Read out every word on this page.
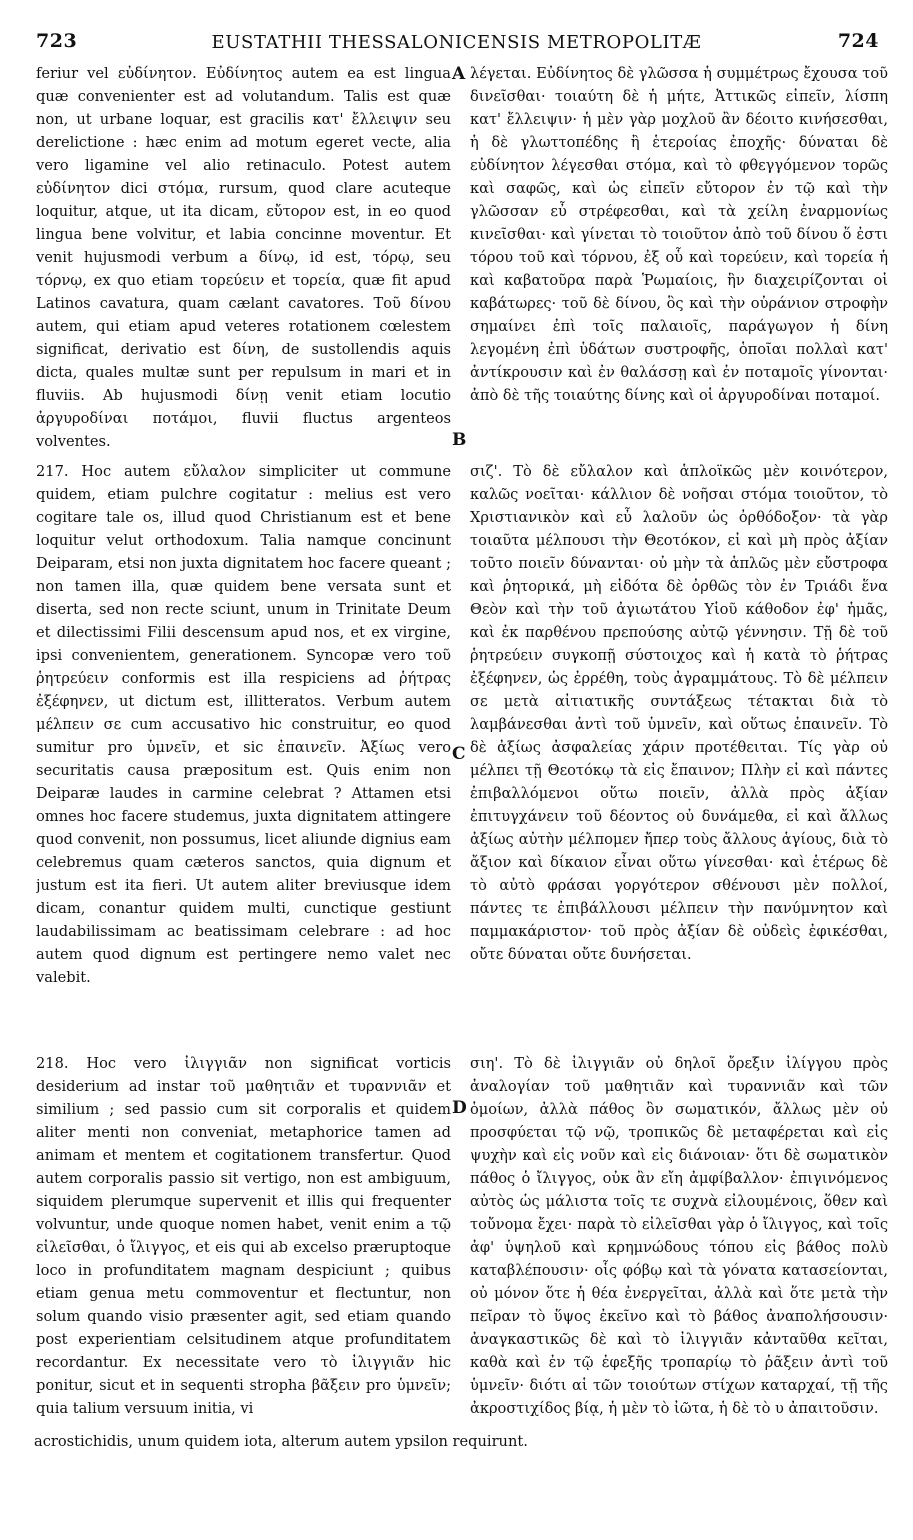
723	EUSTATHII THESSALONICENSIS METROPOLITÆ	724

feriur vel εὐδίνητον. Εὐδίνητος autem ea est lingua quæ convenienter est ad volutandum. Talis est quæ non, ut urbane loquar, est gracilis κατ' ἔλλειψιν seu derelictione : hæc enim ad motum egeret vecte, alia vero ligamine vel alio retinaculo. Potest autem εὐδίνητον dici στόμα, rursum, quod clare acuteque loquitur, atque, ut ita dicam, εὔτορον est, in eo quod lingua bene volvitur, et labia concinne moventur. Et venit hujusmodi verbum a δίνῳ, id est, τόρῳ, seu τόρνῳ, ex quo etiam τορεύειν et τορεία, quæ fit apud Latinos cavatura, quam cælant cavatores. Τοῦ δίνου autem, qui etiam apud veteres rotationem cœlestem significat, derivatio est δίνη, de sustollendis aquis dicta, quales multæ sunt per repulsum in mari et in fluviis. Ab hujusmodi δίνῃ venit etiam locutio ἀργυροδίναι ποτάμοι, fluvii fluctus argenteos volventes.

217. Hoc autem εὔλαλον simpliciter ut commune quidem, etiam pulchre cogitatur : melius est vero cogitare tale os, illud quod Christianum est et bene loquitur velut orthodoxum. Talia namque concinunt Deiparam, etsi non juxta dignitatem hoc facere queant ; non tamen illa, quæ quidem bene versata sunt et diserta, sed non recte sciunt, unum in Trinitate Deum et dilectissimi Filii descensum apud nos, et ex virgine, ipsi convenientem, generationem. Syncopæ vero τοῦ ῥητρεύειν conformis est illa respiciens ad ῥήτρας ἐξέφηνεν, ut dictum est, illitteratos. Verbum autem μέλπειν σε cum accusativo hic construitur, eo quod sumitur pro ὑμνεῖν, et sic ἐπαινεῖν. Ἀξίως vero securitatis causa præpositum est. Quis enim non Deiparæ laudes in carmine celebrat ? Attamen etsi omnes hoc facere studemus, juxta dignitatem attingere quod convenit, non possumus, licet aliunde dignius eam celebremus quam cæteros sanctos, quia dignum et justum est ita fieri. Ut autem aliter breviusque idem dicam, conantur quidem multi, cunctique gestiunt laudabilissimam ac beatissimam celebrare : ad hoc autem quod dignum est pertingere nemo valet nec valebit.

218. Hoc vero ἰλιγγιᾶν non significat vorticis desiderium ad instar τοῦ μαθητιᾶν et τυραννιᾶν et similium ; sed passio cum sit corporalis et quidem aliter menti non conveniat, metaphorice tamen ad animam et mentem et cogitationem transfertur. Quod autem corporalis passio sit vertigo, non est ambiguum, siquidem plerumque supervenit et illis qui frequenter volvuntur, unde quoque nomen habet, venit enim a τῷ εἰλεῖσθαι, ὁ ἴλιγγος, et eis qui ab excelso præruptoque loco in profunditatem magnam despiciunt ; quibus etiam genua metu commoventur et flectuntur, non solum quando visio præsenter agit, sed etiam quando post experientiam celsitudinem atque profunditatem recordantur. Ex necessitate vero τὸ ἰλιγγιᾶν hic ponitur, sicut et in sequenti stropha βᾶξειν pro ὑμνεῖν; quia talium versuum initia, vi

A
B
C
D

λέγεται. Εὐδίνητος δὲ γλῶσσα ἡ συμμέτρως ἔχουσα τοῦ δινεῖσθαι· τοιαύτη δὲ ἡ μήτε, Ἀττικῶς εἰπεῖν, λίσπη κατ' ἔλλειψιν· ἡ μὲν γὰρ μοχλοῦ ἂν δέοιτο κινήσεσθαι, ἡ δὲ γλωττοπέδης ἢ ἑτεροίας ἐποχῆς· δύναται δὲ εὐδίνητον λέγεσθαι στόμα, καὶ τὸ φθεγγόμενον τορῶς καὶ σαφῶς, καὶ ὡς εἰπεῖν εὔτορον ἐν τῷ καὶ τὴν γλῶσσαν εὖ στρέφεσθαι, καὶ τὰ χείλη ἐναρμονίως κινεῖσθαι· καὶ γίνεται τὸ τοιοῦτον ἀπὸ τοῦ δίνου ὅ ἐστι τόρου τοῦ καὶ τόρνου, ἐξ οὗ καὶ τορεύειν, καὶ τορεία ἡ καὶ καβατοῦρα παρὰ Ῥωμαίοις, ἣν διαχειρίζονται οἱ καβάτωρες· τοῦ δὲ δίνου, ὃς καὶ τὴν οὐράνιον στροφὴν σημαίνει ἐπὶ τοῖς παλαιοῖς, παράγωγον ἡ δίνη λεγομένη ἐπὶ ὑδάτων συστροφῆς, ὁποῖαι πολλαὶ κατ' ἀντίκρουσιν καὶ ἐν θαλάσσῃ καὶ ἐν ποταμοῖς γίνονται· ἀπὸ δὲ τῆς τοιαύτης δίνης καὶ οἱ ἀργυροδίναι ποταμοί.

σιζ'. Τὸ δὲ εὔλαλον καὶ ἁπλοϊκῶς μὲν κοινότερον, καλῶς νοεῖται· κάλλιον δὲ νοῆσαι στόμα τοιοῦτον, τὸ Χριστιανικὸν καὶ εὖ λαλοῦν ὡς ὀρθόδοξον· τὰ γὰρ τοιαῦτα μέλπουσι τὴν Θεοτόκον, εἰ καὶ μὴ πρὸς ἀξίαν τοῦτο ποιεῖν δύνανται· οὐ μὴν τὰ ἁπλῶς μὲν εὔστροφα καὶ ῥητορικά, μὴ εἰδότα δὲ ὀρθῶς τὸν ἐν Τριάδι ἕνα Θεὸν καὶ τὴν τοῦ ἀγιωτάτου Υἱοῦ κάθοδον ἐφ' ἡμᾶς, καὶ ἐκ παρθένου πρεπούσης αὐτῷ γέννησιν. Τῇ δὲ τοῦ ῥητρεύειν συγκοπῇ σύστοιχος καὶ ἡ κατὰ τὸ ῥήτρας ἐξέφηνεν, ὡς ἐρρέθη, τοὺς ἀγραμμάτους. Τὸ δὲ μέλπειν σε μετὰ αἰτιατικῆς συντάξεως τέτακται διὰ τὸ λαμβάνεσθαι ἀντὶ τοῦ ὑμνεῖν, καὶ οὕτως ἐπαινεῖν. Τὸ δὲ ἀξίως ἀσφαλείας χάριν προτέθειται. Τίς γὰρ οὐ μέλπει τῇ Θεοτόκῳ τὰ εἰς ἔπαινον; Πλὴν εἰ καὶ πάντες ἐπιβαλλόμενοι οὕτω ποιεῖν, ἀλλὰ πρὸς ἀξίαν ἐπιτυγχάνειν τοῦ δέοντος οὐ δυνάμεθα, εἰ καὶ ἄλλως ἀξίως αὐτὴν μέλπομεν ἤπερ τοὺς ἄλλους ἁγίους, διὰ τὸ ἄξιον καὶ δίκαιον εἶναι οὕτω γίνεσθαι· καὶ ἑτέρως δὲ τὸ αὐτὸ φράσαι γοργότερον σθένουσι μὲν πολλοί, πάντες τε ἐπιβάλλουσι μέλπειν τὴν πανύμνητον καὶ παμμακάριστον· τοῦ πρὸς ἀξίαν δὲ οὐδεὶς ἐφικέσθαι, οὔτε δύναται οὔτε δυνήσεται.

σιη'. Τὸ δὲ ἰλιγγιᾶν οὐ δηλοῖ ὄρεξιν ἰλίγγου πρὸς ἀναλογίαν τοῦ μαθητιᾶν καὶ τυραννιᾶν καὶ τῶν ὁμοίων, ἀλλὰ πάθος ὂν σωματικόν, ἄλλως μὲν οὐ προσφύεται τῷ νῷ, τροπικῶς δὲ μεταφέρεται καὶ εἰς ψυχὴν καὶ εἰς νοῦν καὶ εἰς διάνοιαν· ὅτι δὲ σωματικὸν πάθος ὁ ἴλιγγος, οὐκ ἂν εἴη ἀμφίβαλλον· ἐπιγινόμενος αὐτὸς ὡς μάλιστα τοῖς τε συχνὰ εἰλουμένοις, ὅθεν καὶ τοὔνομα ἔχει· παρὰ τὸ εἰλεῖσθαι γὰρ ὁ ἴλιγγος, καὶ τοῖς ἀφ' ὑψηλοῦ καὶ κρημνώδους τόπου εἰς βάθος πολὺ καταβλέπουσιν· οἷς φόβῳ καὶ τὰ γόνατα κατασείονται, οὐ μόνον ὅτε ἡ θέα ἐνεργεῖται, ἀλλὰ καὶ ὅτε μετὰ τὴν πεῖραν τὸ ὕψος ἐκεῖνο καὶ τὸ βάθος ἀναπολήσουσιν· ἀναγκαστικῶς δὲ καὶ τὸ ἰλιγγιᾶν κἀνταῦθα κεῖται, καθὰ καὶ ἐν τῷ ἐφεξῆς τροπαρίῳ τὸ ῥᾶξειν ἀντὶ τοῦ ὑμνεῖν· διότι αἱ τῶν τοιούτων στίχων καταρχαί, τῇ τῆς ἀκροστιχίδος βίᾳ, ἡ μὲν τὸ ἰῶτα, ἡ δὲ τὸ υ ἀπαιτοῦσιν.

acrostichidis, unum quidem iota, alterum autem ypsilon requirunt.
